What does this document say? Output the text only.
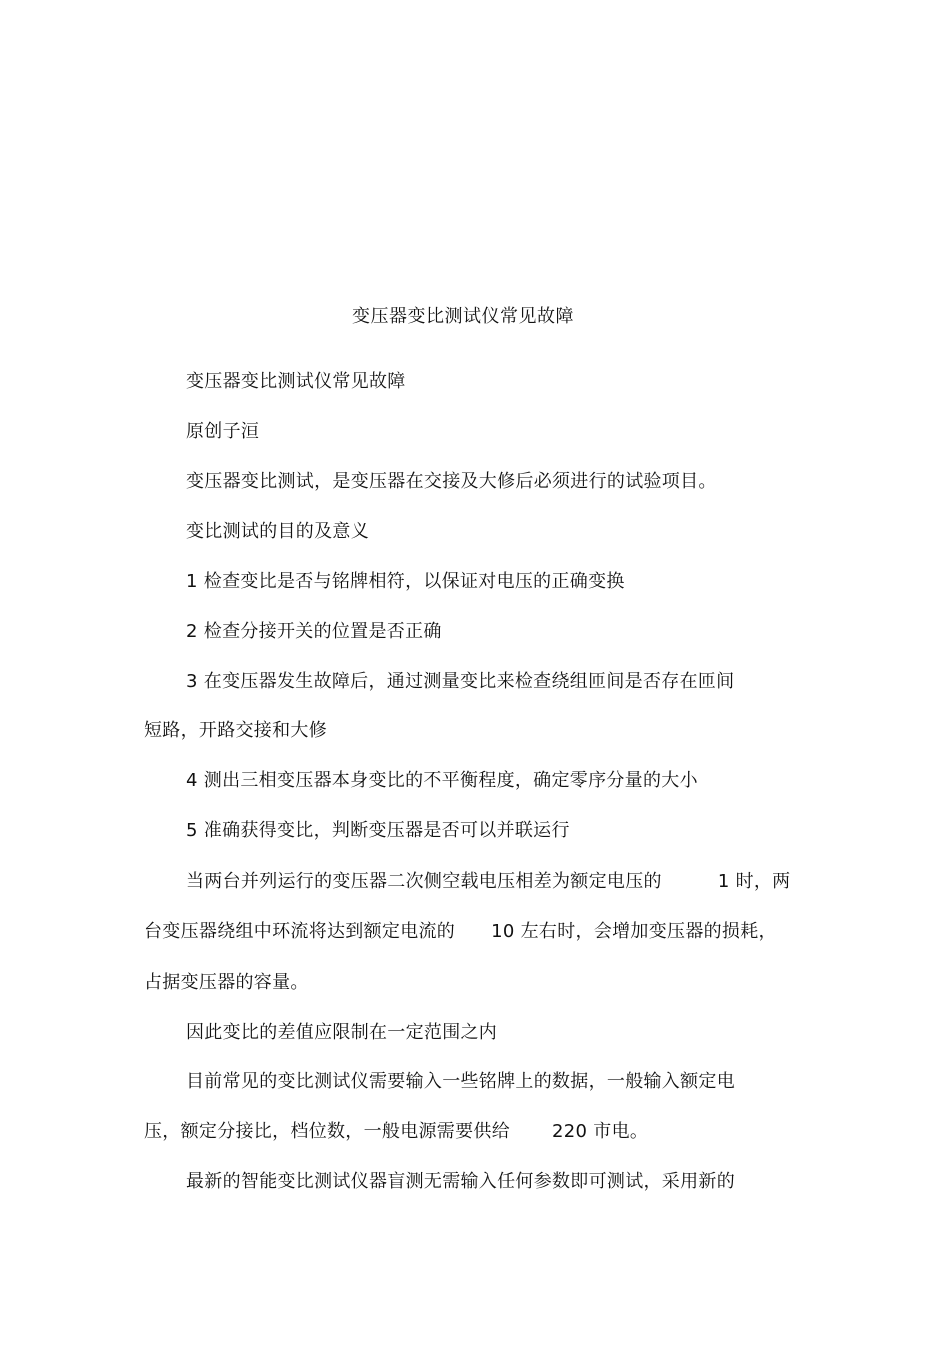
变压器变比测试仪常见故障
变压器变比测试仪常见故障
原创子洹
变压器变比测试，是变压器在交接及大修后必须进行的试验项目。
变比测试的目的及意义
1 检查变比是否与铭牌相符，以保证对电压的正确变换
2 检查分接开关的位置是否正确
3 在变压器发生故障后，通过测量变比来检查绕组匝间是否存在匝间
短路，开路交接和大修
4 测出三相变压器本身变比的不平衡程度，确定零序分量的大小
5 准确获得变比，判断变压器是否可以并联运行
当两台并列运行的变压器二次侧空载电压相差为额定电压的	1 时，两
台变压器绕组中环流将达到额定电流的 10 左右时，会增加变压器的损耗，
占据变压器的容量。
因此变比的差值应限制在一定范围之内
目前常见的变比测试仪需要输入一些铭牌上的数据，一般输入额定电
压，额定分接比，档位数，一般电源需要供给 220 市电。
最新的智能变比测试仪器盲测无需输入任何参数即可测试，采用新的
